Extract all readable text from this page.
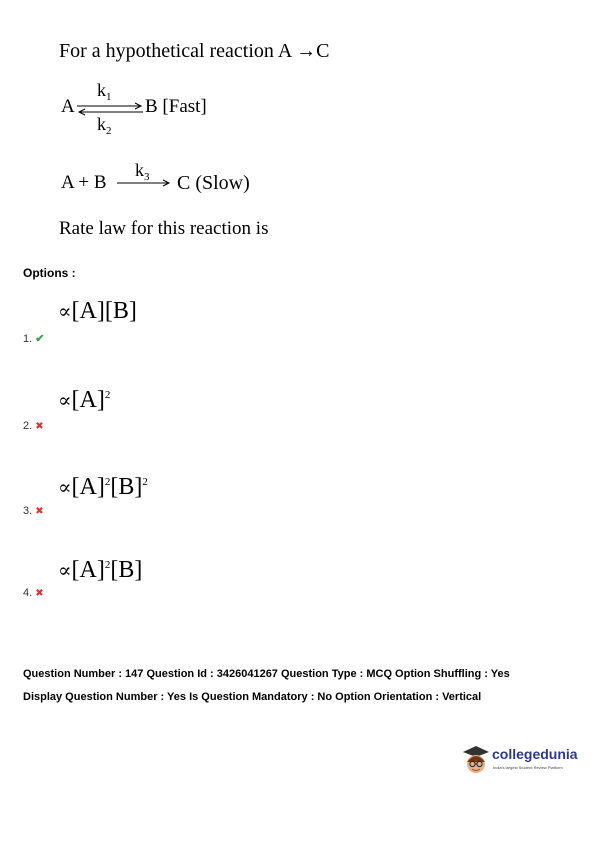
For a hypothetical reaction A →C
A
$k_1$
$k_2$
B [Fast]
A + B
$k_3$ C (Slow)
Rate law for this reaction is
Options :
∝[A][B]
1. ✔
$\propto[A]^2$
2. ✖
$\propto[A]^2[B]^2$
3. ✖
$\propto[A]^2[B]$
4. ✖
Question Number : 147 Question Id : 3426041267 Question Type : MCQ Option Shuffling : Yes
Display Question Number : Yes Is Question Mandatory : No Option Orientation : Vertical
collegedunia
India's largest Student Review Platform
